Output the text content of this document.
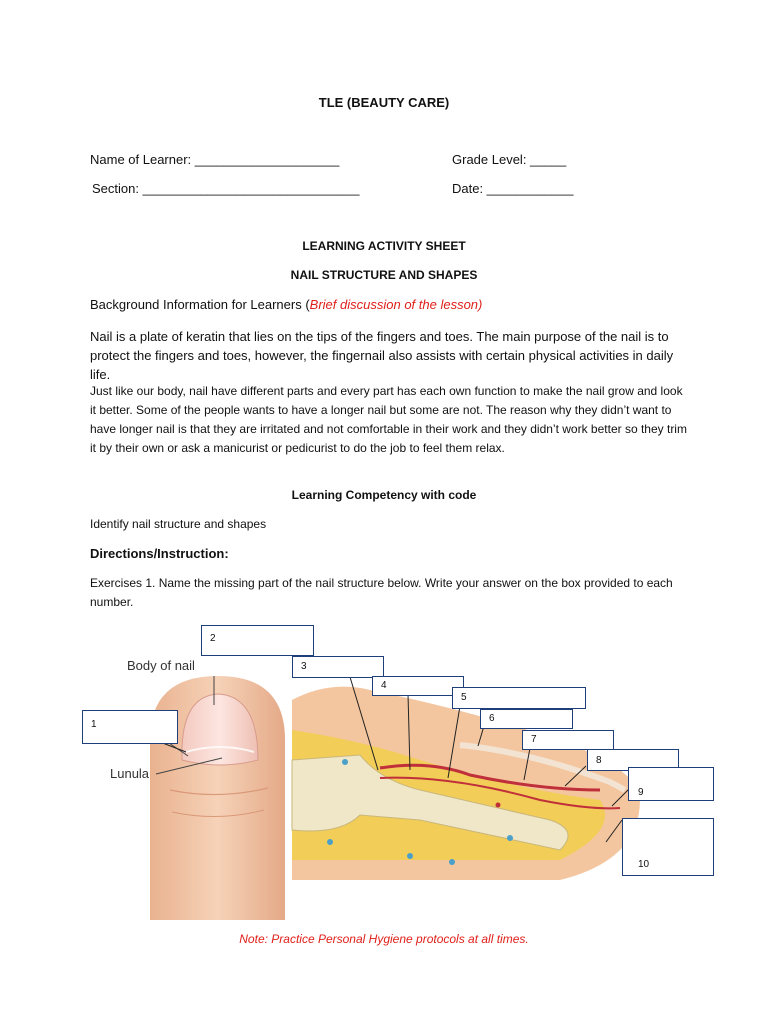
TLE (BEAUTY CARE)
Name of Learner: ____________________	Grade Level: _____
Section: ______________________________	Date: ____________
LEARNING ACTIVITY SHEET
NAIL STRUCTURE AND SHAPES
Background Information for Learners (Brief discussion of the lesson)
Nail is a plate of keratin that lies on the tips of the fingers and toes. The main purpose of the nail is to protect the fingers and toes, however, the fingernail also assists with certain physical activities in daily life.
Just like our body, nail have different parts and every part has each own function to make the nail grow and look it better. Some of the people wants to have a longer nail but some are not. The reason why they didn’t want to have longer nail is that they are irritated and not comfortable in their work and they didn’t work better so they trim it by their own or ask a manicurist or pedicurist to do the job to feel them relax.
Learning Competency with code
Identify nail structure and shapes
Directions/Instruction:
Exercises 1. Name the missing part of the nail structure below. Write your answer on the box provided to each number.
Body of nail
Lunula
1
2
3
4
5
6
7
8
9
10
Note: Practice Personal Hygiene protocols at all times.
